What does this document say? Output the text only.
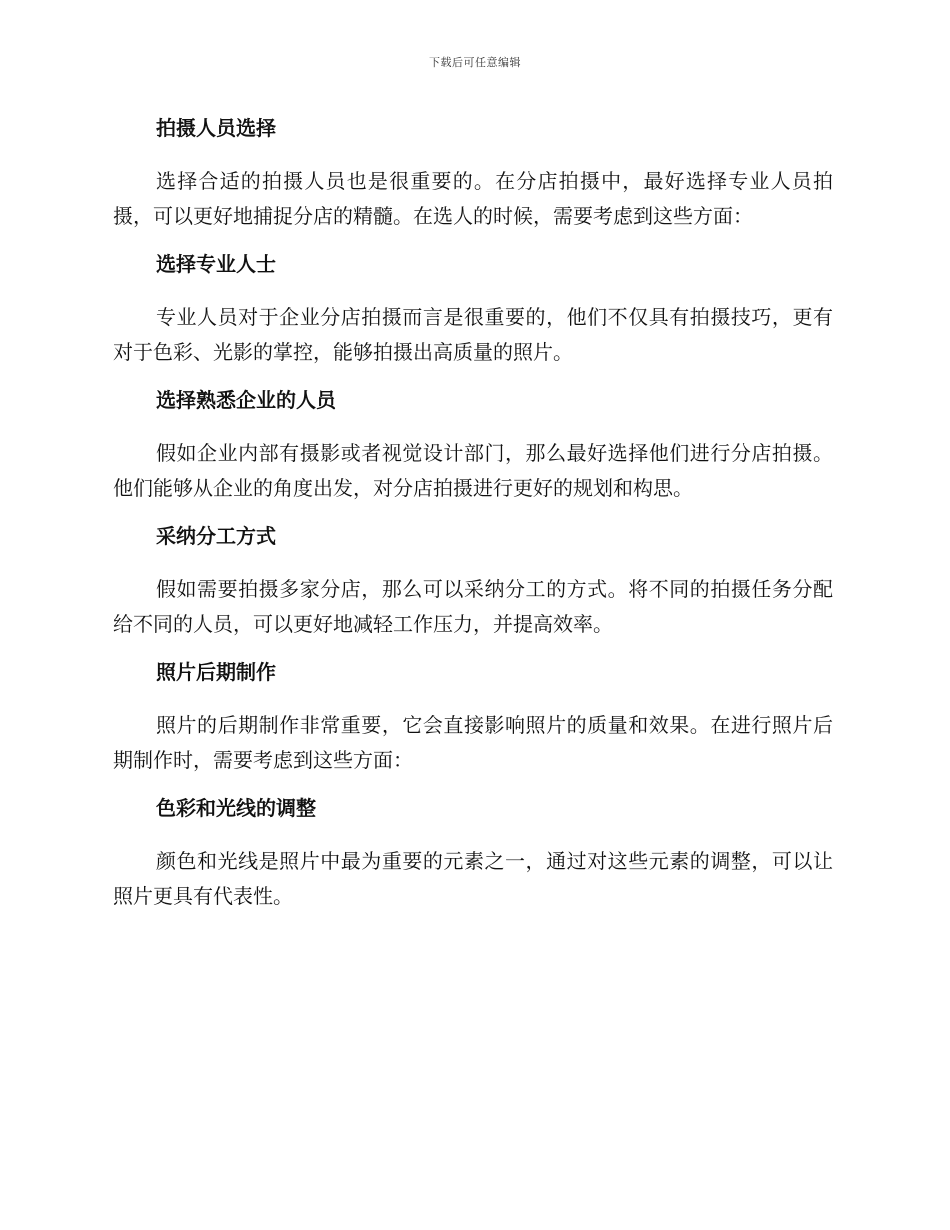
下载后可任意编辑
拍摄人员选择

选择合适的拍摄人员也是很重要的。在分店拍摄中，最好选择专业人员拍摄，可以更好地捕捉分店的精髓。在选人的时候，需要考虑到这些方面：

选择专业人士

专业人员对于企业分店拍摄而言是很重要的，他们不仅具有拍摄技巧，更有对于色彩、光影的掌控，能够拍摄出高质量的照片。

选择熟悉企业的人员

假如企业内部有摄影或者视觉设计部门，那么最好选择他们进行分店拍摄。他们能够从企业的角度出发，对分店拍摄进行更好的规划和构思。

采纳分工方式

假如需要拍摄多家分店，那么可以采纳分工的方式。将不同的拍摄任务分配给不同的人员，可以更好地减轻工作压力，并提高效率。

照片后期制作

照片的后期制作非常重要，它会直接影响照片的质量和效果。在进行照片后期制作时，需要考虑到这些方面：

色彩和光线的调整

颜色和光线是照片中最为重要的元素之一，通过对这些元素的调整，可以让照片更具有代表性。
